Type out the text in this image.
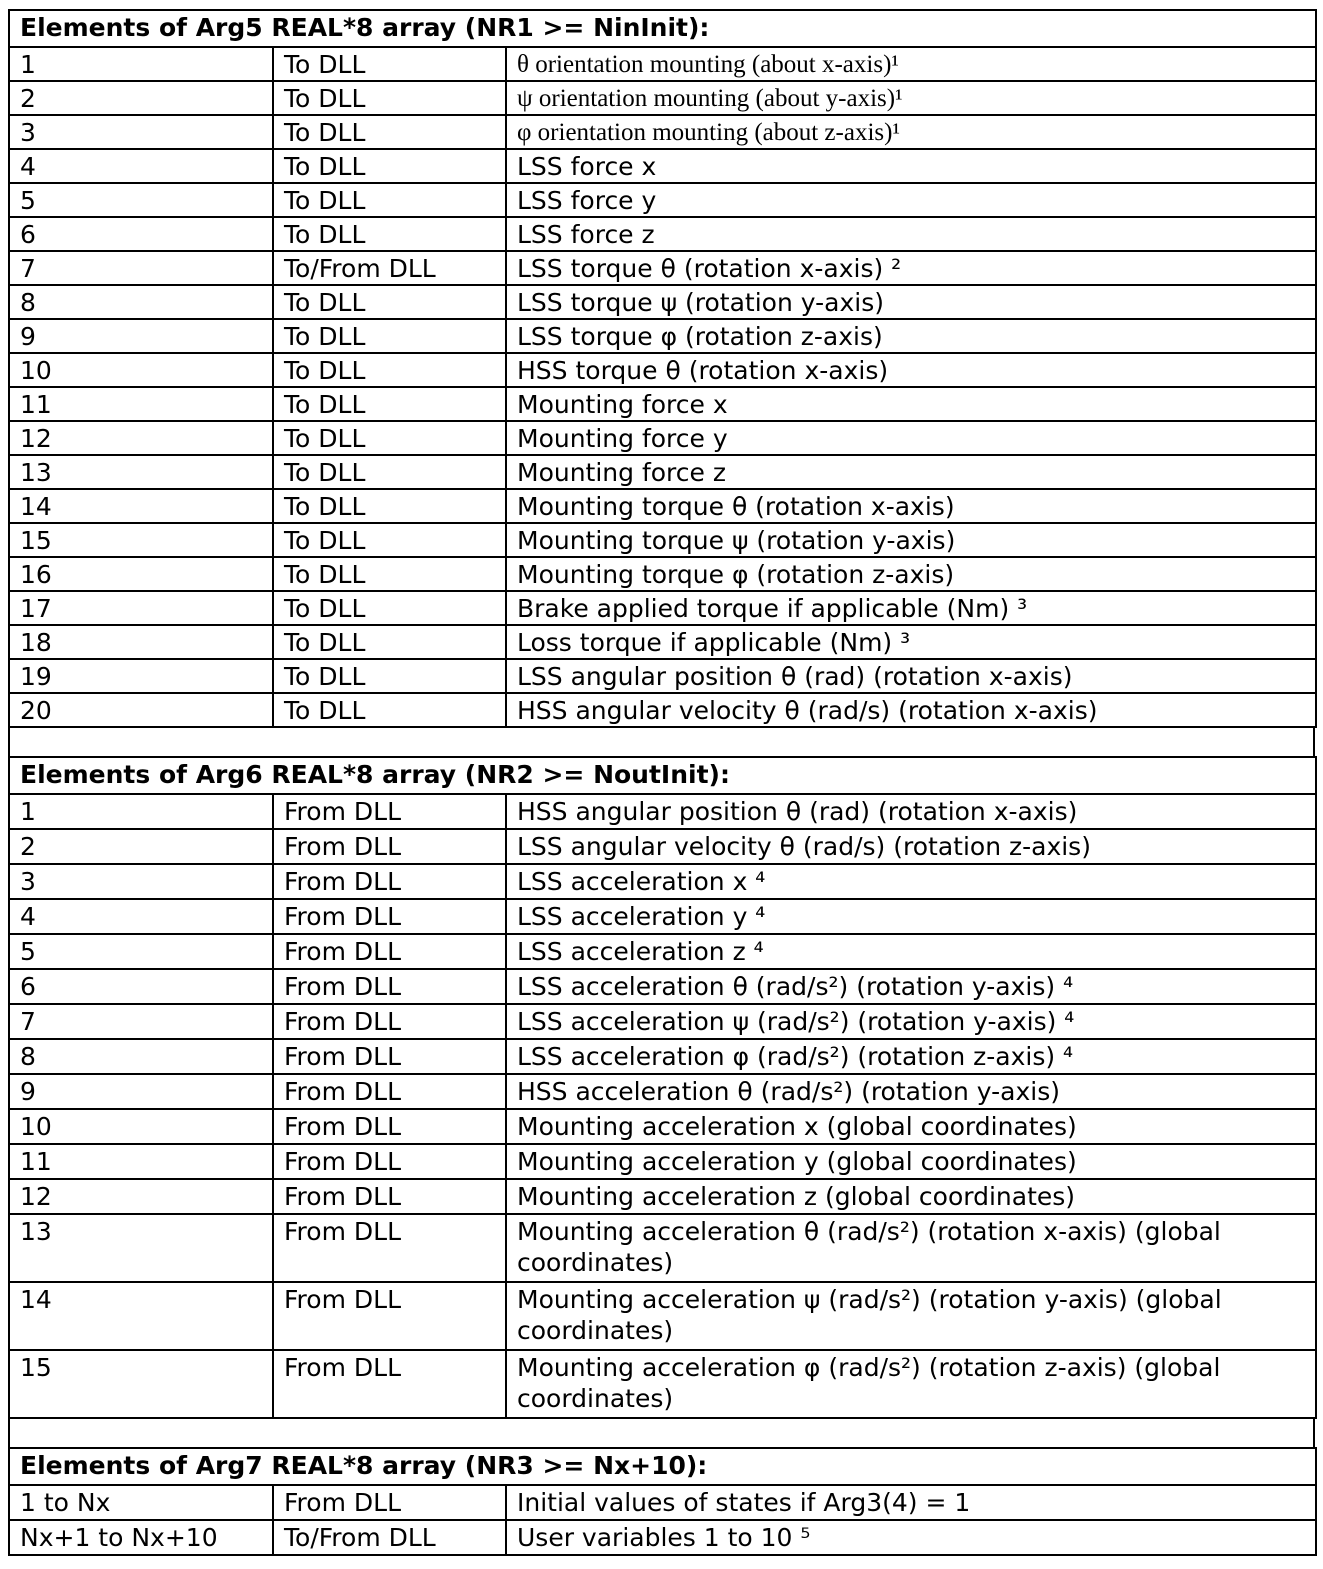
Elements of Arg5 REAL*8 array (NR1 >= NinInit):		
1	To DLL	θ orientation mounting (about x-axis)¹
2	To DLL	ψ orientation mounting (about y-axis)¹
3	To DLL	φ orientation mounting (about z-axis)¹
4	To DLL	LSS force x
5	To DLL	LSS force y
6	To DLL	LSS force z
7	To/From DLL	LSS torque θ (rotation x-axis) ²
8	To DLL	LSS torque ψ (rotation y-axis)
9	To DLL	LSS torque φ (rotation z-axis)
10	To DLL	HSS torque θ (rotation x-axis)
11	To DLL	Mounting force x
12	To DLL	Mounting force y
13	To DLL	Mounting force z
14	To DLL	Mounting torque θ (rotation x-axis)
15	To DLL	Mounting torque ψ (rotation y-axis)
16	To DLL	Mounting torque φ (rotation z-axis)
17	To DLL	Brake applied torque if applicable (Nm) ³
18	To DLL	Loss torque if applicable (Nm) ³
19	To DLL	LSS angular position θ (rad) (rotation x-axis)
20	To DLL	HSS angular velocity θ (rad/s) (rotation x-axis)
Elements of Arg6 REAL*8 array (NR2 >= NoutInit):		
1	From DLL	HSS angular position θ (rad) (rotation x-axis)
2	From DLL	LSS angular velocity θ (rad/s) (rotation z-axis)
3	From DLL	LSS acceleration x ⁴
4	From DLL	LSS acceleration y ⁴
5	From DLL	LSS acceleration z ⁴
6	From DLL	LSS acceleration θ (rad/s²) (rotation y-axis) ⁴
7	From DLL	LSS acceleration ψ (rad/s²) (rotation y-axis) ⁴
8	From DLL	LSS acceleration φ (rad/s²) (rotation z-axis) ⁴
9	From DLL	HSS acceleration θ (rad/s²) (rotation y-axis)
10	From DLL	Mounting acceleration x (global coordinates)
11	From DLL	Mounting acceleration y (global coordinates)
12	From DLL	Mounting acceleration z (global coordinates)
13	From DLL	Mounting acceleration θ (rad/s²) (rotation x-axis) (global coordinates)
14	From DLL	Mounting acceleration ψ (rad/s²) (rotation y-axis) (global coordinates)
15	From DLL	Mounting acceleration φ (rad/s²) (rotation z-axis) (global coordinates)
Elements of Arg7 REAL*8 array (NR3 >= Nx+10):		
1 to Nx	From DLL	Initial values of states if Arg3(4) = 1
Nx+1 to Nx+10	To/From DLL	User variables 1 to 10 ⁵
